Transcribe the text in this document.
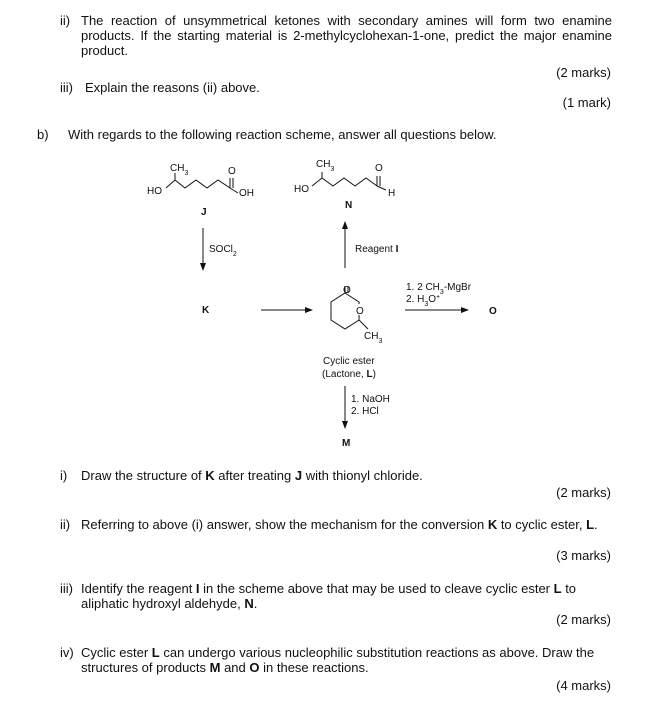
ii) The reaction of unsymmetrical ketones with secondary amines will form two enamine products. If the starting material is 2-methylcyclohexan-1-one, predict the major enamine product.
(2 marks)
iii) Explain the reasons (ii) above.
(1 mark)
b) With regards to the following reaction scheme, answer all questions below.
$CH_3$	O
HO	OH
J
$CH_3$	O
HO	H
N
SOCl$_2$	Reagent I
K
O
O
$CH_3$
Cyclic ester
(Lactone, L)
1. 2 $CH_3$-MgBr
2. $H_3O^+$
O
1. NaOH
2. HCl
M
i) Draw the structure of K after treating J with thionyl chloride.
(2 marks)
ii) Referring to above (i) answer, show the mechanism for the conversion K to cyclic ester, L.
(3 marks)
iii) Identify the reagent I in the scheme above that may be used to cleave cyclic ester L to aliphatic hydroxyl aldehyde, N.
(2 marks)
iv) Cyclic ester L can undergo various nucleophilic substitution reactions as above. Draw the structures of products M and O in these reactions.
(4 marks)
